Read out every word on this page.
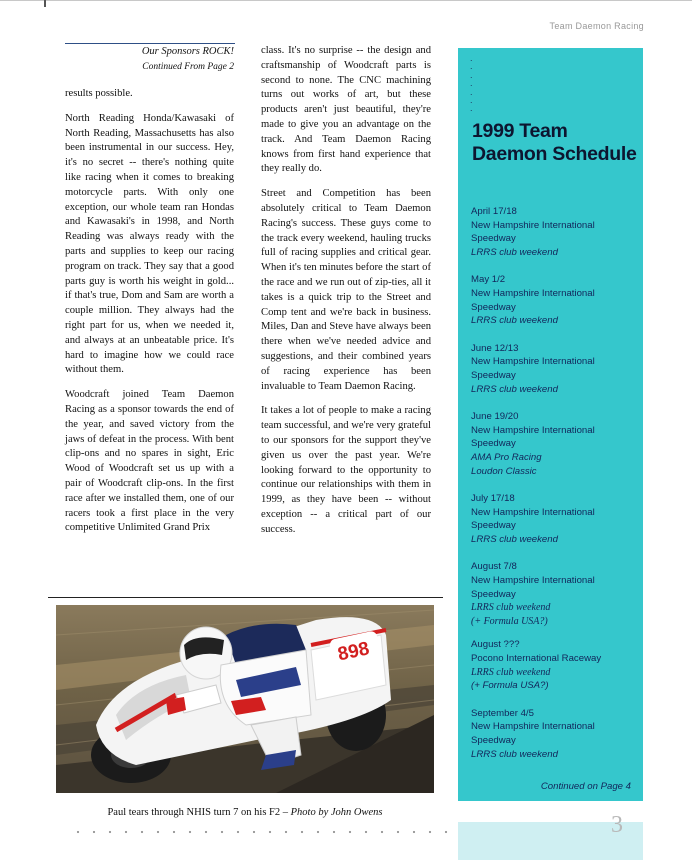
Team Daemon Racing
Our Sponsors ROCK!
Continued From Page 2

results possible.

North Reading Honda/Kawasaki of North Reading, Massachusetts has also been instrumental in our success. Hey, it's no secret -- there's nothing quite like racing when it comes to breaking motorcycle parts. With only one exception, our whole team ran Hondas and Kawasaki's in 1998, and North Reading was always ready with the parts and supplies to keep our racing program on track. They say that a good parts guy is worth his weight in gold... if that's true, Dom and Sam are worth a couple million. They always had the right part for us, when we needed it, and always at an unbeatable price. It's hard to imagine how we could race without them.

Woodcraft joined Team Daemon Racing as a sponsor towards the end of the year, and saved victory from the jaws of defeat in the process. With bent clip-ons and no spares in sight, Eric Wood of Woodcraft set us up with a pair of Woodcraft clip-ons. In the first race after we installed them, one of our racers took a first place in the very competitive Unlimited Grand Prix

class. It's no surprise -- the design and craftsmanship of Woodcraft parts is second to none. The CNC machining turns out works of art, but these products aren't just beautiful, they're made to give you an advantage on the track. And Team Daemon Racing knows from first hand experience that they really do.

Street and Competition has been absolutely critical to Team Daemon Racing's success. These guys come to the track every weekend, hauling trucks full of racing supplies and critical gear. When it's ten minutes before the start of the race and we run out of zip-ties, all it takes is a quick trip to the Street and Comp tent and we're back in business. Miles, Dan and Steve have always been there when we've needed advice and suggestions, and their combined years of racing experience has been invaluable to Team Daemon Racing.

It takes a lot of people to make a racing team successful, and we're very grateful to our sponsors for the support they've given us over the past year. We're looking forward to the opportunity to continue our relationships with them in 1999, as they have been -- without exception -- a critical part of our success.

898
Paul tears through NHIS turn 7 on his F2 – Photo by John Owens
.
.
.
.
.
.
.
1999 Team Daemon Schedule
April 17/18
New Hampshire International Speedway
LRRS club weekend
May 1/2
New Hampshire International Speedway
LRRS club weekend
June 12/13
New Hampshire International Speedway
LRRS club weekend
June 19/20
New Hampshire International Speedway
AMA Pro Racing
Loudon Classic
July 17/18
New Hampshire International Speedway
LRRS club weekend
August 7/8
New Hampshire International Speedway
LRRS club weekend
(+ Formula USA?)
August ???
Pocono International Raceway
LRRS club weekend
(+ Formula USA?)
September 4/5
New Hampshire International Speedway
LRRS club weekend
Continued on Page 4
3
